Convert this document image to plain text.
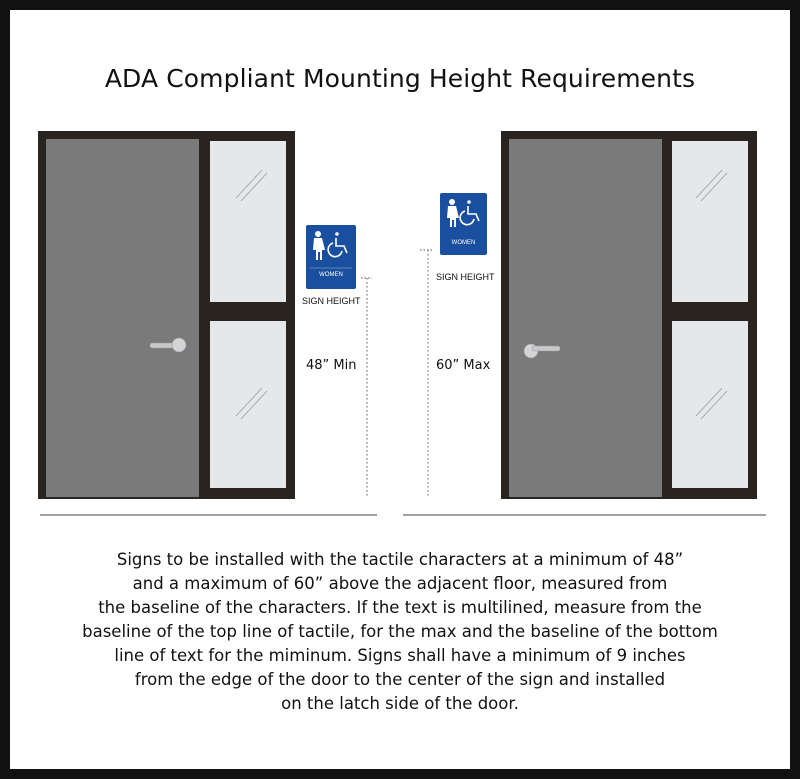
ADA Compliant Mounting Height Requirements
WOMEN
WOMEN
SIGN HEIGHT
SIGN HEIGHT
48” Min	60” Max
Signs to be installed with the tactile characters at a minimum of 48”
and a maximum of 60” above the adjacent floor, measured from
the baseline of the characters. If the text is multilined, measure from the
baseline of the top line of tactile, for the max and the baseline of the bottom
line of text for the miminum. Signs shall have a minimum of 9 inches
from the edge of the door to the center of the sign and installed
on the latch side of the door.
